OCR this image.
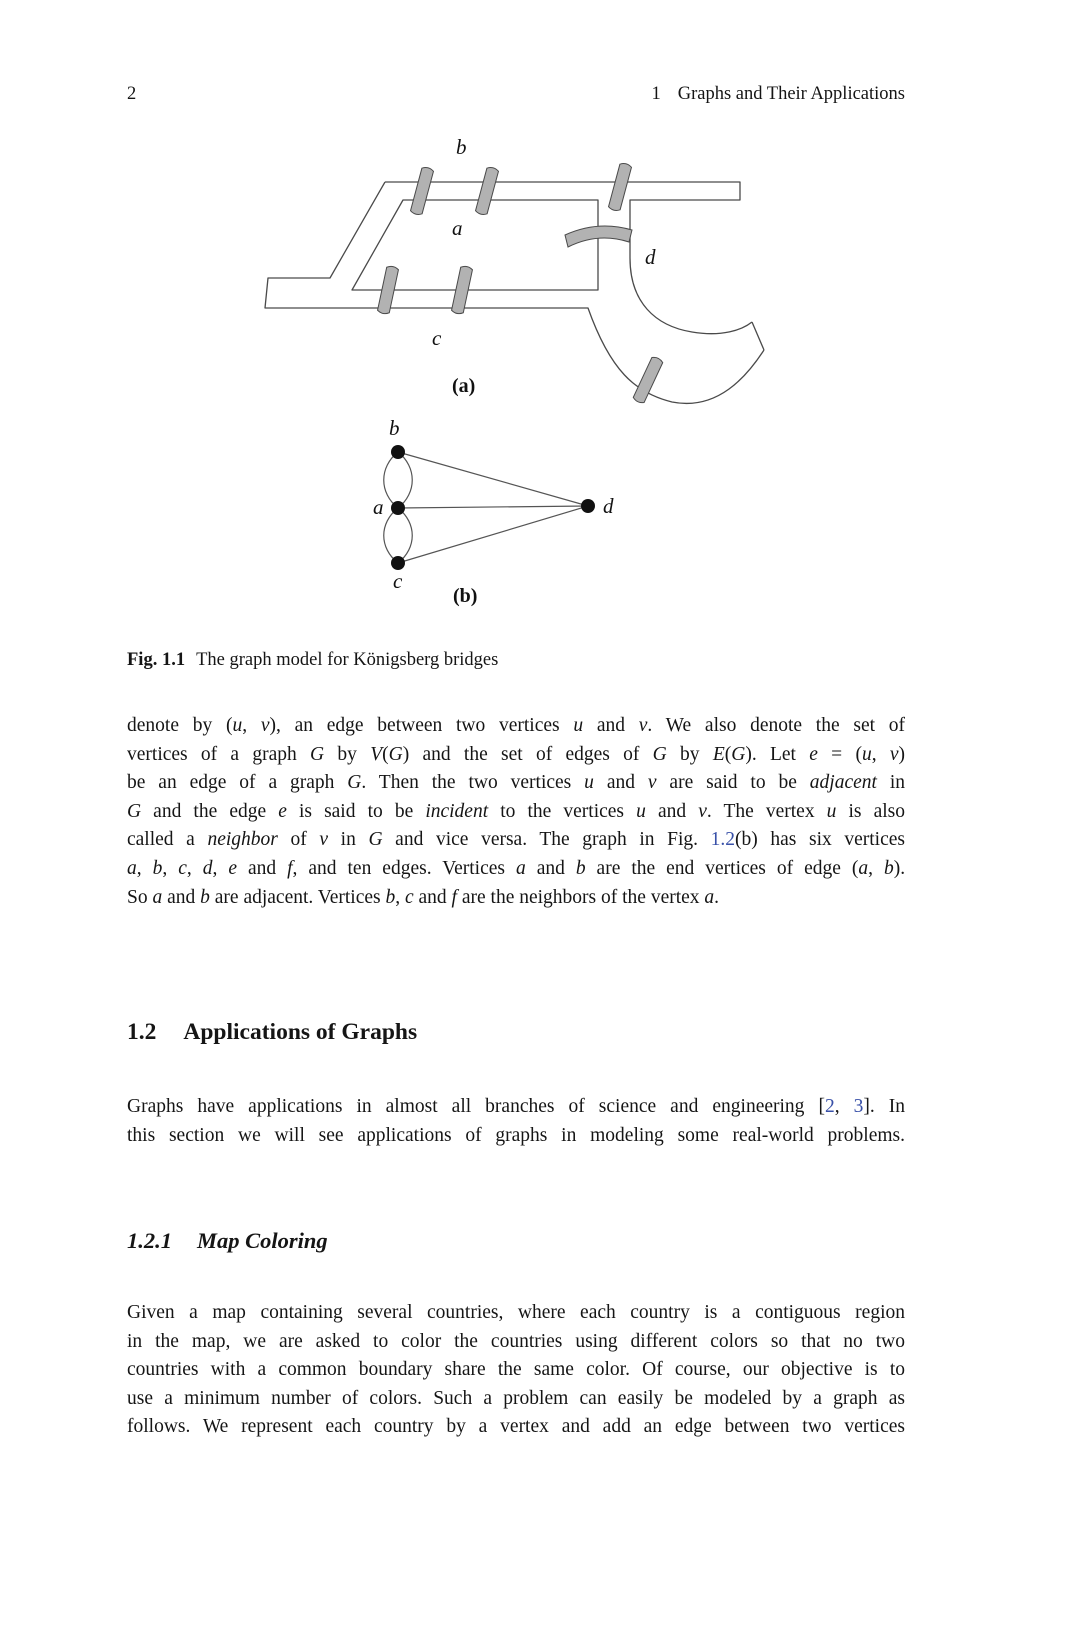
2	1 Graphs and Their Applications
b
a
c
d
(a)
b
a
c
d
(b)
Fig. 1.1 The graph model for Königsberg bridges
denote by (u, v), an edge between two vertices u and v. We also denote the set of
vertices of a graph G by V(G) and the set of edges of G by E(G). Let e = (u, v)
be an edge of a graph G. Then the two vertices u and v are said to be adjacent in
G and the edge e is said to be incident to the vertices u and v. The vertex u is also
called a neighbor of v in G and vice versa. The graph in Fig. 1.2(b) has six vertices
a, b, c, d, e and f, and ten edges. Vertices a and b are the end vertices of edge (a, b).
So a and b are adjacent. Vertices b, c and f are the neighbors of the vertex a.
1.2 Applications of Graphs
Graphs have applications in almost all branches of science and engineering [2, 3]. In
this section we will see applications of graphs in modeling some real-world problems.
1.2.1 Map Coloring
Given a map containing several countries, where each country is a contiguous region
in the map, we are asked to color the countries using different colors so that no two
countries with a common boundary share the same color. Of course, our objective is to
use a minimum number of colors. Such a problem can easily be modeled by a graph as
follows. We represent each country by a vertex and add an edge between two vertices
